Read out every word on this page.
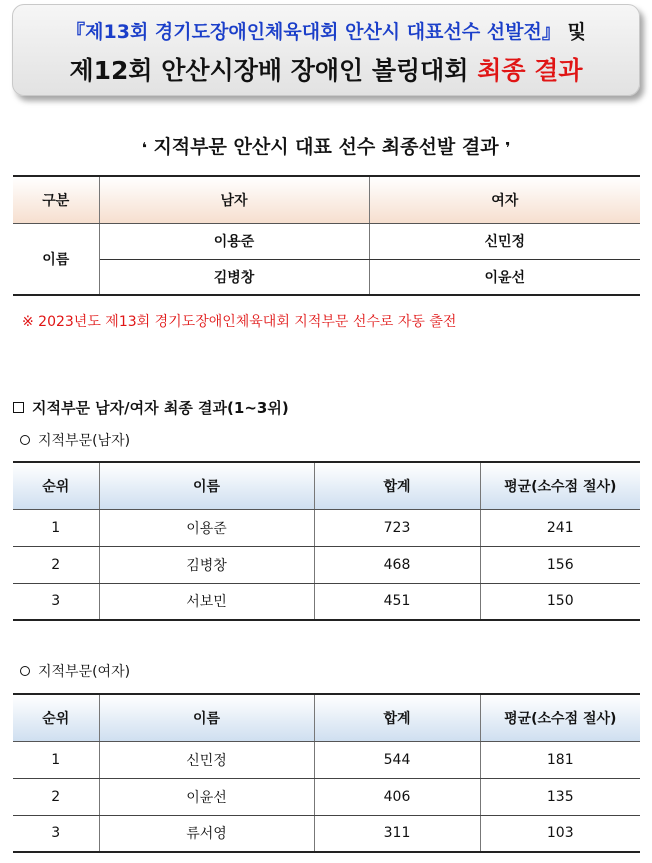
『제13회 경기도장애인체육대회 안산시 대표선수 선발전』 및
제12회 안산시장배 장애인 볼링대회 최종 결과
❛ 지적부문 안산시 대표 선수 최종선발 결과 ❜
구분	남자	여자
이름	이용준	신민정
	김병창	이윤선
※ 2023년도 제13회 경기도장애인체육대회 지적부문 선수로 자동 출전
지적부문 남자/여자 최종 결과(1~3위)
지적부문(남자)
순위	이름	합계	평균(소수점 절사)
1	이용준	723	241
2	김병창	468	156
3	서보민	451	150
지적부문(여자)
순위	이름	합계	평균(소수점 절사)
1	신민정	544	181
2	이윤선	406	135
3	류서영	311	103
